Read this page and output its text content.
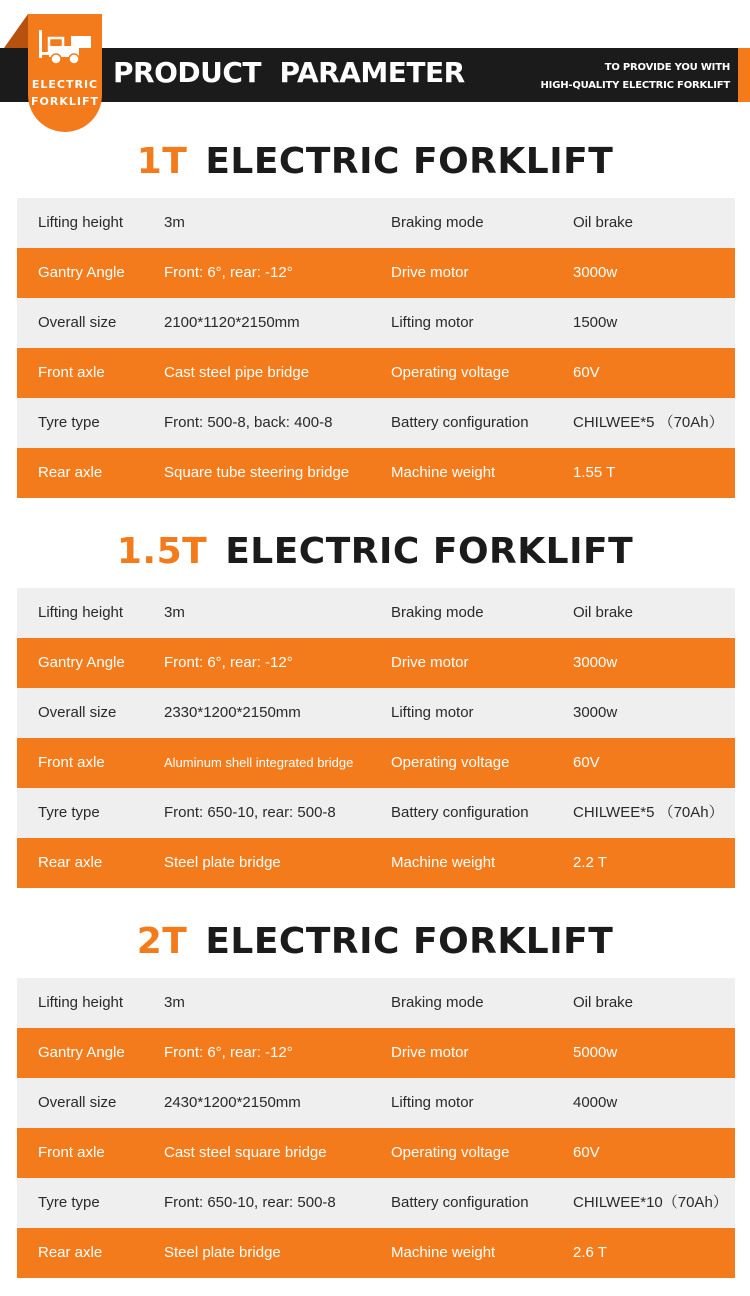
ELECTRIC
FORKLIFT
PRODUCT  PARAMETER	TO PROVIDE YOU WITH
HIGH-QUALITY ELECTRIC FORKLIFT
1T ELECTRIC FORKLIFT
Lifting height	3m	Braking mode	Oil brake
Gantry Angle	Front: 6°, rear: -12°	Drive motor	3000w
Overall size	2100*1120*2150mm	Lifting motor	1500w
Front axle	Cast steel pipe bridge	Operating voltage	60V
Tyre type	Front: 500-8, back: 400-8	Battery configuration	CHILWEE*5 （70Ah）
Rear axle	Square tube steering bridge	Machine weight	1.55 T
1.5T ELECTRIC FORKLIFT
Lifting height	3m	Braking mode	Oil brake
Gantry Angle	Front: 6°, rear: -12°	Drive motor	3000w
Overall size	2330*1200*2150mm	Lifting motor	3000w
Front axle	Aluminum shell integrated bridge	Operating voltage	60V
Tyre type	Front: 650-10, rear: 500-8	Battery configuration	CHILWEE*5 （70Ah）
Rear axle	Steel plate bridge	Machine weight	2.2 T
2T ELECTRIC FORKLIFT
Lifting height	3m	Braking mode	Oil brake
Gantry Angle	Front: 6°, rear: -12°	Drive motor	5000w
Overall size	2430*1200*2150mm	Lifting motor	4000w
Front axle	Cast steel square bridge	Operating voltage	60V
Tyre type	Front: 650-10, rear: 500-8	Battery configuration	CHILWEE*10（70Ah）
Rear axle	Steel plate bridge	Machine weight	2.6 T
